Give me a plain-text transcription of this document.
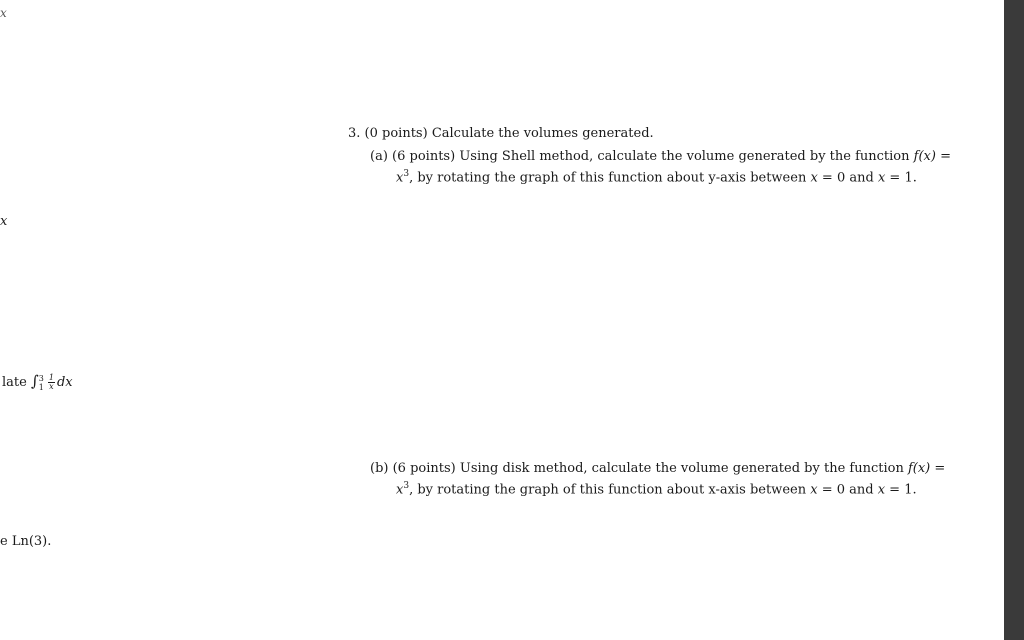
x
x
late ∫ 3
$1 \frac{1}{x}$ dx
e Ln(3).
3. (0 points) Calculate the volumes generated.
(a) (6 points) Using Shell method, calculate the volume generated by the function f(x) =
$x^3$, by rotating the graph of this function about y-axis between x = 0 and x = 1.
(b) (6 points) Using disk method, calculate the volume generated by the function f(x) =
$x^3$, by rotating the graph of this function about x-axis between x = 0 and x = 1.
